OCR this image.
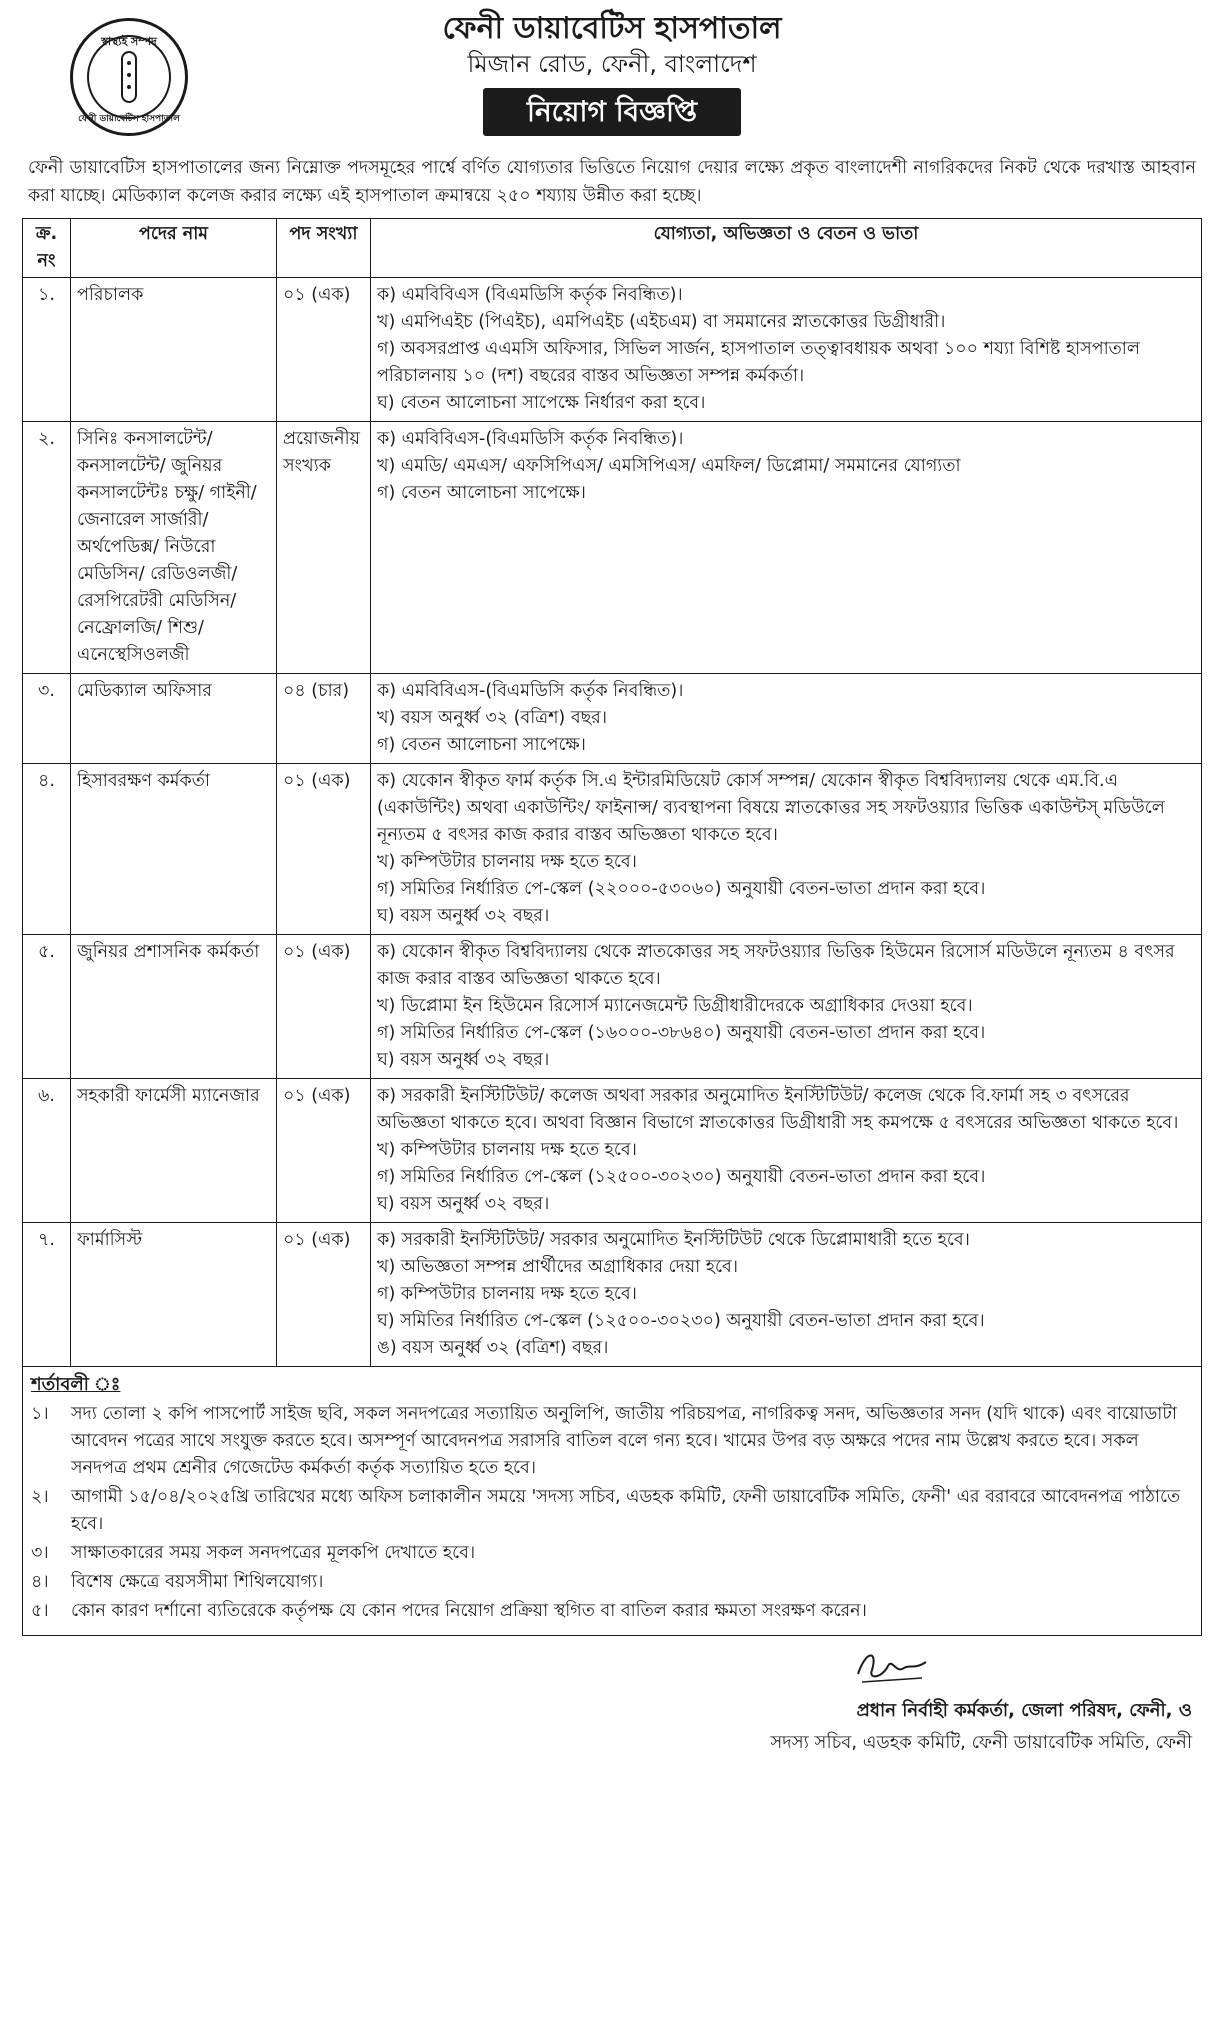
স্বাস্থ্যই সম্পদ
ফেনী ডায়াবেটিস হাসপাতাল
ফেনী ডায়াবেটিস হাসপাতাল
মিজান রোড, ফেনী, বাংলাদেশ
নিয়োগ বিজ্ঞপ্তি
ফেনী ডায়াবেটিস হাসপাতালের জন্য নিম্নোক্ত পদসমূহের পার্শ্বে বর্ণিত যোগ্যতার ভিত্তিতে নিয়োগ দেয়ার লক্ষ্যে প্রকৃত বাংলাদেশী নাগরিকদের নিকট থেকে দরখাস্ত আহবান করা যাচ্ছে। মেডিক্যাল কলেজ করার লক্ষ্যে এই হাসপাতাল ক্রমান্বয়ে ২৫০ শয্যায় উন্নীত করা হচ্ছে।
ক্র. নং	পদের নাম	পদ সংখ্যা	যোগ্যতা, অভিজ্ঞতা ও বেতন ও ভাতা
১.	পরিচালক	০১ (এক)	ক) এমবিবিএস (বিএমডিসি কর্তৃক নিবন্ধিত)।
খ) এমপিএইচ (পিএইচ), এমপিএইচ (এইচএম) বা সমমানের স্নাতকোত্তর ডিগ্রীধারী।
গ) অবসরপ্রাপ্ত এএমসি অফিসার, সিভিল সার্জন, হাসপাতাল তত্ত্বাবধায়ক অথবা ১০০ শয্যা বিশিষ্ট হাসপাতাল পরিচালনায় ১০ (দশ) বছরের বাস্তব অভিজ্ঞতা সম্পন্ন কর্মকর্তা।
ঘ) বেতন আলোচনা সাপেক্ষে নির্ধারণ করা হবে।

২.	সিনিঃ কনসালটেন্ট/ কনসালটেন্ট/ জুনিয়র কনসালটেন্টঃ চক্ষু/ গাইনী/ জেনারেল সার্জারী/ অর্থপেডিক্স/ নিউরো মেডিসিন/ রেডিওলজী/ রেসপিরেটরী মেডিসিন/ নেফ্রোলজি/ শিশু/ এনেস্থেসিওলজী	প্রয়োজনীয় সংখ্যক	ক) এমবিবিএস-(বিএমডিসি কর্তৃক নিবন্ধিত)।
খ) এমডি/ এমএস/ এফসিপিএস/ এমসিপিএস/ এমফিল/ ডিপ্লোমা/ সমমানের যোগ্যতা
গ) বেতন আলোচনা সাপেক্ষে।

৩.	মেডিক্যাল অফিসার	০৪ (চার)	ক) এমবিবিএস-(বিএমডিসি কর্তৃক নিবন্ধিত)।
খ) বয়স অনুর্ধ্ব ৩২ (বত্রিশ) বছর।
গ) বেতন আলোচনা সাপেক্ষে।

৪.	হিসাবরক্ষণ কর্মকর্তা	০১ (এক)	ক) যেকোন স্বীকৃত ফার্ম কর্তৃক সি.এ ইন্টারমিডিয়েট কোর্স সম্পন্ন/ যেকোন স্বীকৃত বিশ্ববিদ্যালয় থেকে এম.বি.এ (একাউন্টিং) অথবা একাউন্টিং/ ফাইনান্স/ ব্যবস্থাপনা বিষয়ে স্নাতকোত্তর সহ সফটওয়্যার ভিত্তিক একাউন্টস্ মডিউলে নূন্যতম ৫ বৎসর কাজ করার বাস্তব অভিজ্ঞতা থাকতে হবে।
খ) কম্পিউটার চালনায় দক্ষ হতে হবে।
গ) সমিতির নির্ধারিত পে-স্কেল (২২০০০-৫৩০৬০) অনুযায়ী বেতন-ভাতা প্রদান করা হবে।
ঘ) বয়স অনুর্ধ্ব ৩২ বছর।

৫.	জুনিয়র প্রশাসনিক কর্মকর্তা	০১ (এক)	ক) যেকোন স্বীকৃত বিশ্ববিদ্যালয় থেকে স্নাতকোত্তর সহ সফটওয়্যার ভিত্তিক হিউমেন রিসোর্স মডিউলে নূন্যতম ৪ বৎসর কাজ করার বাস্তব অভিজ্ঞতা থাকতে হবে।
খ) ডিপ্লোমা ইন হিউমেন রিসোর্স ম্যানেজমেন্ট ডিগ্রীধারীদেরকে অগ্রাধিকার দেওয়া হবে।
গ) সমিতির নির্ধারিত পে-স্কেল (১৬০০০-৩৮৬৪০) অনুযায়ী বেতন-ভাতা প্রদান করা হবে।
ঘ) বয়স অনুর্ধ্ব ৩২ বছর।

৬.	সহকারী ফার্মেসী ম্যানেজার	০১ (এক)	ক) সরকারী ইনস্টিটিউট/ কলেজ অথবা সরকার অনুমোদিত ইনস্টিটিউট/ কলেজ থেকে বি.ফার্মা সহ ৩ বৎসরের অভিজ্ঞতা থাকতে হবে। অথবা বিজ্ঞান বিভাগে স্নাতকোত্তর ডিগ্রীধারী সহ কমপক্ষে ৫ বৎসরের অভিজ্ঞতা থাকতে হবে।
খ) কম্পিউটার চালনায় দক্ষ হতে হবে।
গ) সমিতির নির্ধারিত পে-স্কেল (১২৫০০-৩০২৩০) অনুযায়ী বেতন-ভাতা প্রদান করা হবে।
ঘ) বয়স অনুর্ধ্ব ৩২ বছর।

৭.	ফার্মাসিস্ট	০১ (এক)	ক) সরকারী ইনস্টিটিউট/ সরকার অনুমোদিত ইনস্টিটিউট থেকে ডিপ্লোমাধারী হতে হবে।
খ) অভিজ্ঞতা সম্পন্ন প্রার্থীদের অগ্রাধিকার দেয়া হবে।
গ) কম্পিউটার চালনায় দক্ষ হতে হবে।
ঘ) সমিতির নির্ধারিত পে-স্কেল (১২৫০০-৩০২৩০) অনুযায়ী বেতন-ভাতা প্রদান করা হবে।
ঙ) বয়স অনুর্ধ্ব ৩২ (বত্রিশ) বছর।
শর্তাবলী ঃ
১।	সদ্য তোলা ২ কপি পাসপোর্ট সাইজ ছবি, সকল সনদপত্রের সত্যায়িত অনুলিপি, জাতীয় পরিচয়পত্র, নাগরিকত্ব সনদ, অভিজ্ঞতার সনদ (যদি থাকে) এবং বায়োডাটা আবেদন পত্রের সাথে সংযুক্ত করতে হবে। অসম্পূর্ণ আবেদনপত্র সরাসরি বাতিল বলে গন্য হবে। খামের উপর বড় অক্ষরে পদের নাম উল্লেখ করতে হবে। সকল সনদপত্র প্রথম শ্রেনীর গেজেটেড কর্মকর্তা কর্তৃক সত্যায়িত হতে হবে।
২।	আগামী ১৫/০৪/২০২৫খ্রি তারিখের মধ্যে অফিস চলাকালীন সময়ে 'সদস্য সচিব, এডহক কমিটি, ফেনী ডায়াবেটিক সমিতি, ফেনী' এর বরাবরে আবেদনপত্র পাঠাতে হবে।
৩।	সাক্ষাতকারের সময় সকল সনদপত্রের মূলকপি দেখাতে হবে।
৪।	বিশেষ ক্ষেত্রে বয়সসীমা শিথিলযোগ্য।
৫।	কোন কারণ দর্শানো ব্যতিরেকে কর্তৃপক্ষ যে কোন পদের নিয়োগ প্রক্রিয়া স্থগিত বা বাতিল করার ক্ষমতা সংরক্ষণ করেন।
প্রধান নির্বাহী কর্মকর্তা, জেলা পরিষদ, ফেনী, ও
সদস্য সচিব, এডহক কমিটি, ফেনী ডায়াবেটিক সমিতি, ফেনী
